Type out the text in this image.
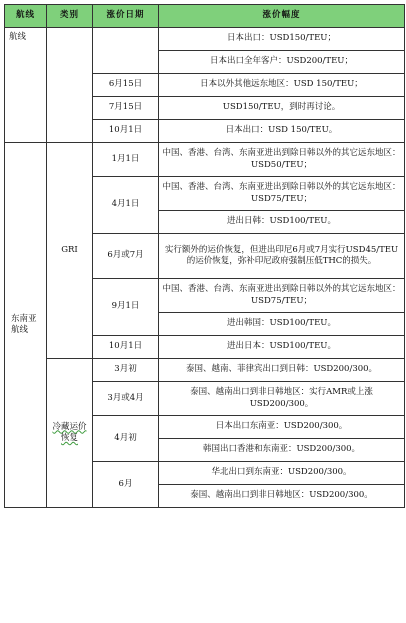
航线	类别	涨价日期	涨价幅度
航线			日本出口：USD150/TEU；
			日本出口全年客户：USD200/TEU；
		6月15日	日本以外其他远东地区：USD 150/TEU；
		7月15日	USD150/TEU，到时再讨论。
		10月1日	日本出口：USD 150/TEU。
东南亚航线	GRI	1月1日	中国、香港、台湾、东南亚进出到除日韩以外的其它远东地区：USD50/TEU；
		4月1日	中国、香港、台湾、东南亚进出到除日韩以外的其它远东地区：USD75/TEU；
			进出日韩：USD100/TEU。
		6月或7月	实行额外的运价恢复，但进出印尼6月或7月实行USD45/TEU的运价恢复，弥补印尼政府强制压低THC的损失。
		9月1日	中国、香港、台湾、东南亚进出到除日韩以外的其它远东地区：USD75/TEU；
			进出韩国：USD100/TEU。
		10月1日	进出日本：USD100/TEU。
	冷藏运价恢复	3月初	泰国、越南、菲律宾出口到日韩：USD200/300。
		3月或4月	泰国、越南出口到非日韩地区：实行AMR或上涨USD200/300。
		4月初	日本出口东南亚：USD200/300。
			韩国出口香港和东南亚：USD200/300。
		6月	华北出口到东南亚：USD200/300。
			泰国、越南出口到非日韩地区：USD200/300。
